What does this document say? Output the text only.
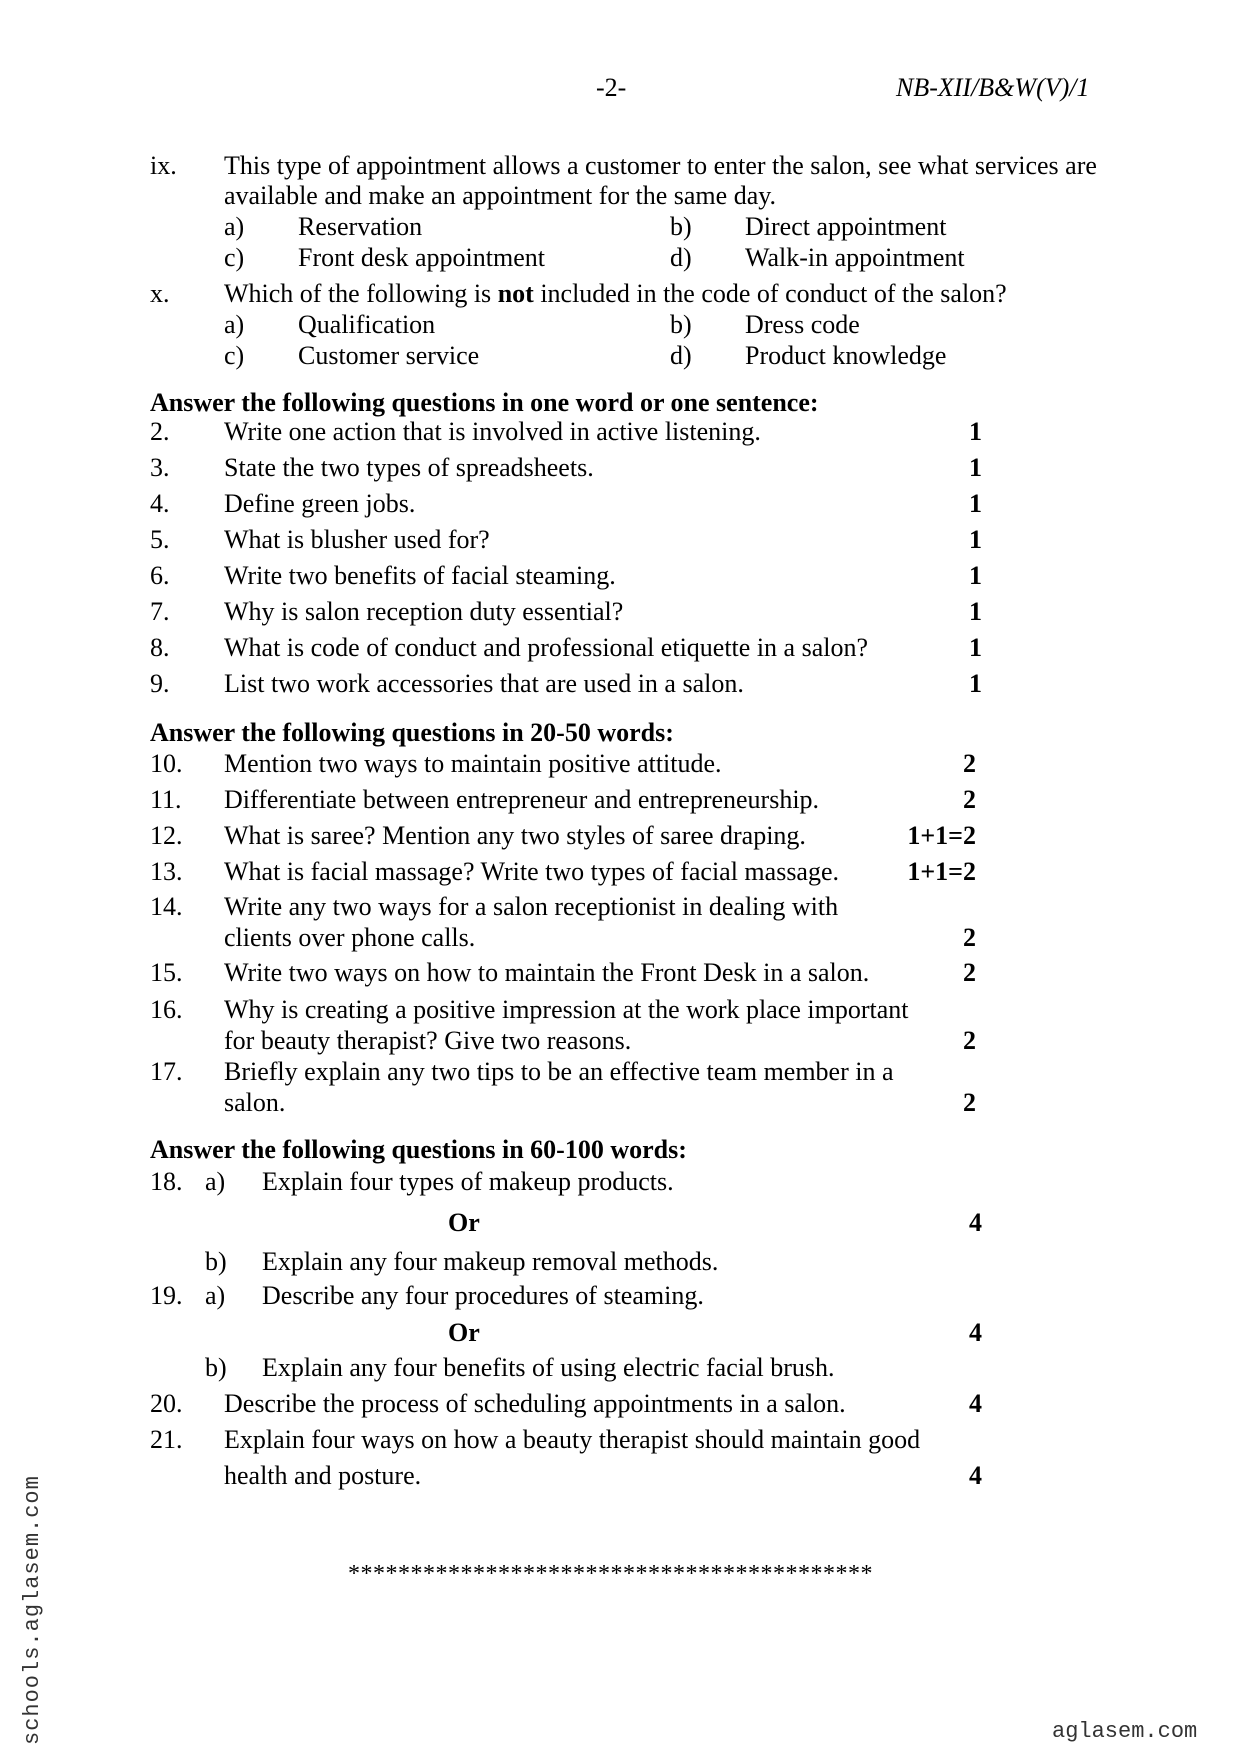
-2-	NB-XII/B&W(V)/1
ix. This type of appointment allows a customer to enter the salon, see what services are
available and make an appointment for the same day.
a) Reservation	b) Direct appointment
c) Front desk appointment	d) Walk-in appointment
x. Which of the following is not included in the code of conduct of the salon?
a) Qualification	b) Dress code
c) Customer service	d) Product knowledge
Answer the following questions in one word or one sentence:
2. Write one action that is involved in active listening.	1
3. State the two types of spreadsheets.	1
4. Define green jobs.	1
5. What is blusher used for?	1
6. Write two benefits of facial steaming.	1
7. Why is salon reception duty essential?	1
8. What is code of conduct and professional etiquette in a salon?	1
9. List two work accessories that are used in a salon.	1
Answer the following questions in 20-50 words:
10. Mention two ways to maintain positive attitude.	2
11. Differentiate between entrepreneur and entrepreneurship.	2
12. What is saree? Mention any two styles of saree draping.	1+1=2
13. What is facial massage? Write two types of facial massage.	1+1=2
14. Write any two ways for a salon receptionist in dealing with
clients over phone calls.	2
15. Write two ways on how to maintain the Front Desk in a salon.	2
16. Why is creating a positive impression at the work place important
for beauty therapist? Give two reasons.	2
17. Briefly explain any two tips to be an effective team member in a
salon.	2
Answer the following questions in 60-100 words:
18. a) Explain four types of makeup products.
Or	4
b) Explain any four makeup removal methods.
19. a) Describe any four procedures of steaming.
Or	4
b) Explain any four benefits of using electric facial brush.
20. Describe the process of scheduling appointments in a salon.	4
21. Explain four ways on how a beauty therapist should maintain good
health and posture.	4
******************************************
schools.aglasem.com	aglasem.com
